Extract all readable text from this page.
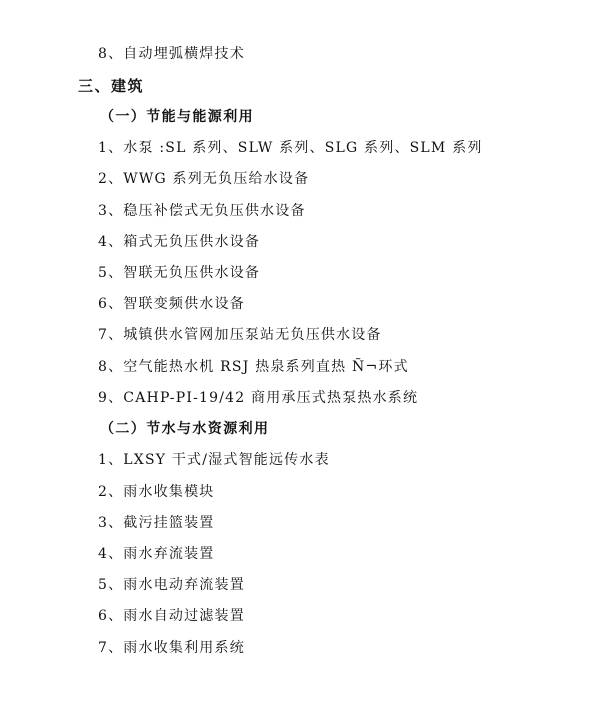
8、自动埋弧横焊技术
三、建筑
（一）节能与能源利用
1、水泵 :SL 系列、SLW 系列、SLG 系列、SLM 系列
2、WWG 系列无负压给水设备
3、稳压补偿式无负压供水设备
4、箱式无负压供水设备
5、智联无负压供水设备
6、智联变频供水设备
7、城镇供水管网加压泵站无负压供水设备
8、空气能热水机 RSJ 热泉系列直热 Ñ¬环式
9、CAHP-PI-19/42 商用承压式热泵热水系统
（二）节水与水资源利用
1、LXSY 干式/湿式智能远传水表
2、雨水收集模块
3、截污挂篮装置
4、雨水弃流装置
5、雨水电动弃流装置
6、雨水自动过滤装置
7、雨水收集利用系统
